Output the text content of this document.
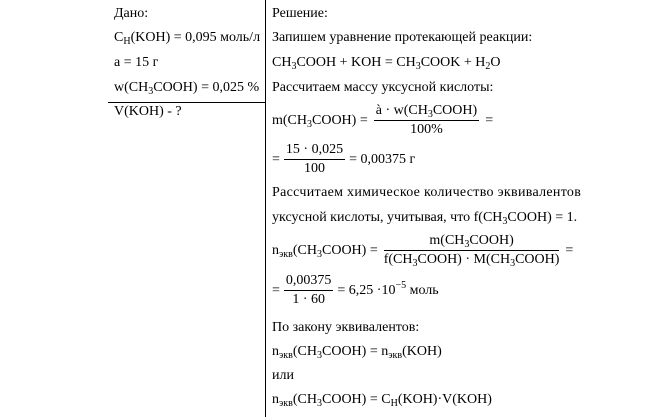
Дано:
$C_H(KOH) = 0,095$ моль/л
a = 15 г
$w(CH_3COOH) = 0,025$ %
V(KOH) - ?
Решение:
Запишем уравнение протекающей реакции:
$CH_3COOH$ + KOH = $CH_3COOK + H_2O$
Рассчитаем массу уксусной кислоты:
$m(CH_3COOH) = \frac{à \cdot w(CH_3COOH)}{100\%}$ =
= $\frac{15 \cdot 0,025}{100} = 0,00375$ г
Рассчитаем химическое количество эквивалентов
уксусной кислоты, учитывая, что $f(CH_3COOH) = 1$.
$n_{экв}(CH_3COOH) = \frac{m(CH_3COOH)}{f(CH_3COOH) \cdot M(CH_3COOH)}$ =
= $\frac{0,00375}{1 \cdot 60} = 6,25 \cdot 10^{-5}$ моль
По закону эквивалентов:
$n_{экв}(CH_3COOH) = n_{экв}(KOH)$
или
$n_{экв}(CH_3COOH) = C_H(KOH)\cdot V(KOH)$
